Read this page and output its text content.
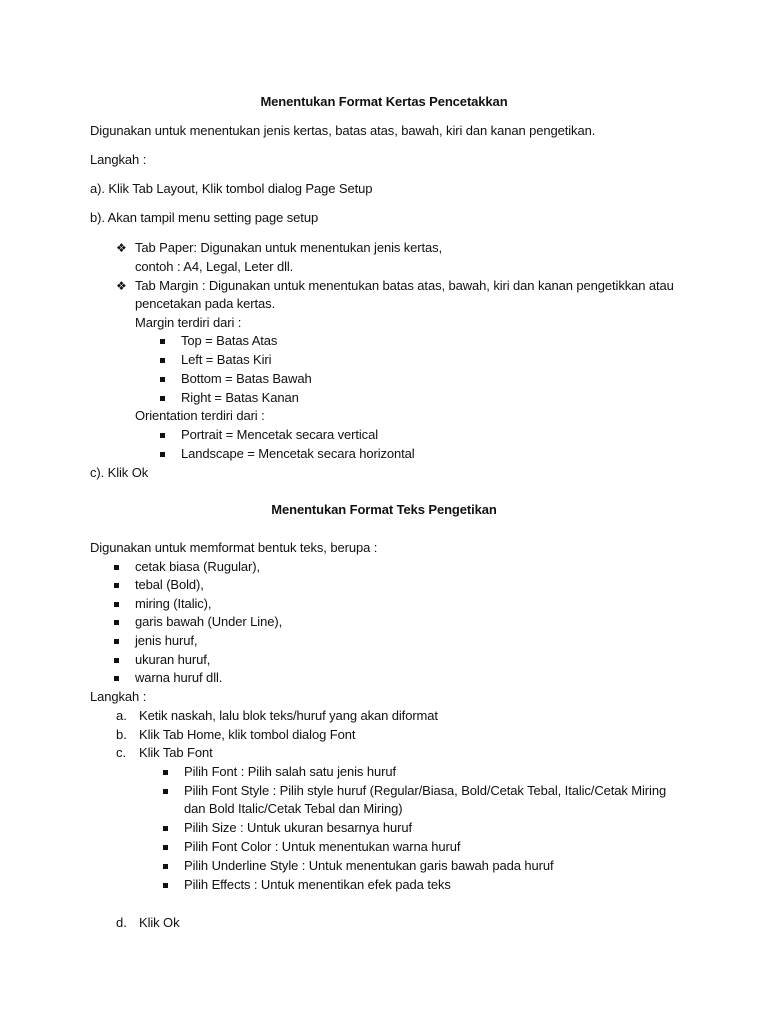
Menentukan Format Kertas Pencetakkan
Digunakan untuk menentukan jenis kertas, batas atas, bawah, kiri dan kanan pengetikan.
Langkah :
a). Klik Tab Layout, Klik tombol dialog Page Setup
b). Akan tampil menu setting page setup
❖ Tab Paper: Digunakan untuk menentukan jenis kertas,
contoh : A4, Legal, Leter dll.
❖ Tab Margin : Digunakan untuk menentukan batas atas, bawah, kiri dan kanan pengetikkan atau
pencetakan pada kertas.
Margin terdiri dari :
Top = Batas Atas
Left = Batas Kiri
Bottom = Batas Bawah
Right = Batas Kanan
Orientation terdiri dari :
Portrait = Mencetak secara vertical
Landscape = Mencetak secara horizontal
c). Klik Ok
Menentukan Format Teks Pengetikan
Digunakan untuk memformat bentuk teks, berupa :
cetak biasa (Rugular),
tebal (Bold),
miring (Italic),
garis bawah (Under Line),
jenis huruf,
ukuran huruf,
warna huruf dll.
Langkah :
a. Ketik naskah, lalu blok teks/huruf yang akan diformat
b. Klik Tab Home, klik tombol dialog Font
c. Klik Tab Font
Pilih Font : Pilih salah satu jenis huruf
Pilih Font Style : Pilih style huruf (Regular/Biasa, Bold/Cetak Tebal, Italic/Cetak Miring
dan Bold Italic/Cetak Tebal dan Miring)
Pilih Size : Untuk ukuran besarnya huruf
Pilih Font Color : Untuk menentukan warna huruf
Pilih Underline Style : Untuk menentukan garis bawah pada huruf
Pilih Effects : Untuk menentikan efek pada teks
d. Klik Ok
